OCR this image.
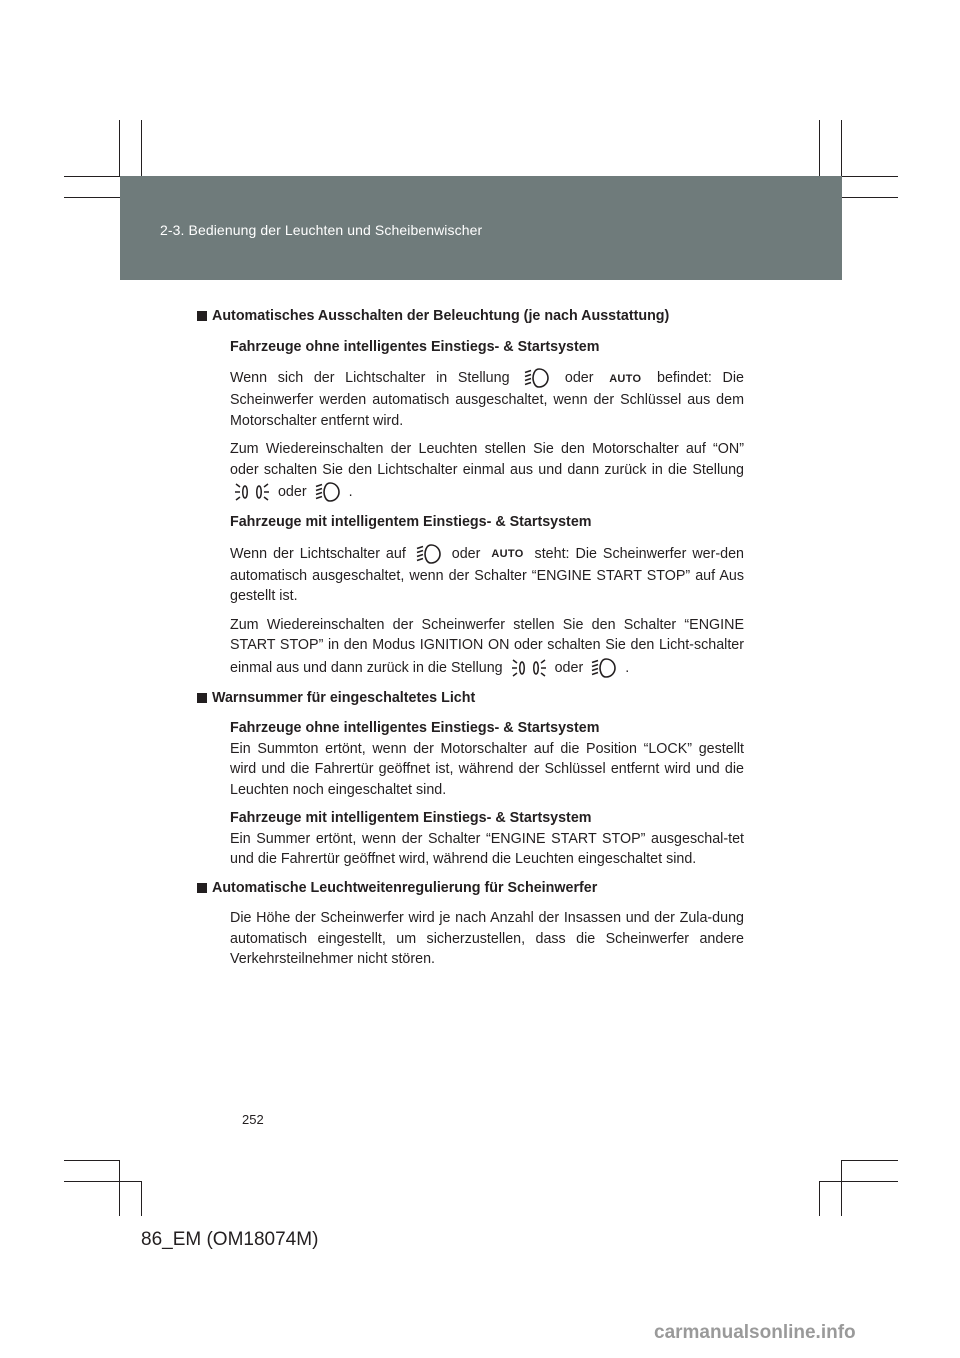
2-3. Bedienung der Leuchten und Scheibenwischer
Automatisches Ausschalten der Beleuchtung (je nach Ausstattung)
Fahrzeuge ohne intelligentes Einstiegs- & Startsystem
Wenn sich der Lichtschalter in Stellung	oder AUTO befindet: Die Scheinwerfer werden automatisch ausgeschaltet, wenn der Schlüssel aus dem Motorschalter entfernt wird.
Zum Wiedereinschalten der Leuchten stellen Sie den Motorschalter auf “ON” oder schalten Sie den Lichtschalter einmal aus und dann zurück in die Stellung  oder	.
Fahrzeuge mit intelligentem Einstiegs- & Startsystem
Wenn der Lichtschalter auf	oder AUTO steht: Die Scheinwerfer wer-den automatisch ausgeschaltet, wenn der Schalter “ENGINE START STOP” auf Aus gestellt ist.
Zum Wiedereinschalten der Scheinwerfer stellen Sie den Schalter “ENGINE START STOP” in den Modus IGNITION ON oder schalten Sie den Licht-schalter einmal aus und dann zurück in die Stellung	oder	.
Warnsummer für eingeschaltetes Licht
Fahrzeuge ohne intelligentes Einstiegs- & Startsystem
Ein Summton ertönt, wenn der Motorschalter auf die Position “LOCK” gestellt wird und die Fahrertür geöffnet ist, während der Schlüssel entfernt wird und die Leuchten noch eingeschaltet sind.
Fahrzeuge mit intelligentem Einstiegs- & Startsystem
Ein Summer ertönt, wenn der Schalter “ENGINE START STOP” ausgeschal-tet und die Fahrertür geöffnet wird, während die Leuchten eingeschaltet sind.
Automatische Leuchtweitenregulierung für Scheinwerfer
Die Höhe der Scheinwerfer wird je nach Anzahl der Insassen und der Zula-dung automatisch eingestellt, um sicherzustellen, dass die Scheinwerfer andere Verkehrsteilnehmer nicht stören.
252
86_EM (OM18074M)
carmanualsonline.info
